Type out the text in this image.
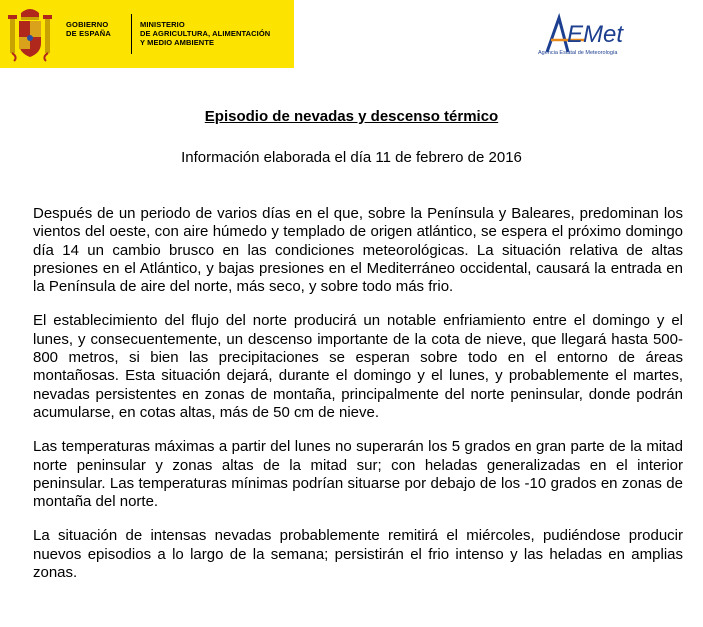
GOBIERNO
DE ESPAÑA
MINISTERIO
DE AGRICULTURA, ALIMENTACIÓN
Y MEDIO AMBIENTE	EMet
Agencia Estatal de Meteorología
Episodio de nevadas y descenso térmico
Información elaborada el día 11 de febrero de 2016

Después de un periodo de varios días en el que, sobre la Península y Baleares, predominan los vientos del oeste, con aire húmedo y templado de origen atlántico, se espera el próximo domingo día 14 un cambio brusco en las condiciones meteorológicas. La situación relativa de altas presiones en el Atlántico, y bajas presiones en el Mediterráneo occidental, causará la entrada en la Península de aire del norte, más seco, y sobre todo más frio.

El establecimiento del flujo del norte producirá un notable enfriamiento entre el domingo y el lunes, y consecuentemente, un descenso importante de la cota de nieve, que llegará hasta 500-800 metros, si bien las precipitaciones se esperan sobre todo en el entorno de áreas montañosas. Esta situación dejará, durante el domingo y el lunes, y probablemente el martes, nevadas persistentes en zonas de montaña, principalmente del norte peninsular, donde podrán acumularse, en cotas altas, más de 50 cm de nieve.

Las temperaturas máximas a partir del lunes no superarán los 5 grados en gran parte de la mitad norte peninsular y zonas altas de la mitad sur; con heladas generalizadas en el interior peninsular. Las temperaturas mínimas podrían situarse por debajo de los -10 grados en zonas de montaña del norte.

La situación de intensas nevadas probablemente remitirá el miércoles, pudiéndose producir nuevos episodios a lo largo de la semana; persistirán el frio intenso y las heladas en amplias zonas.
